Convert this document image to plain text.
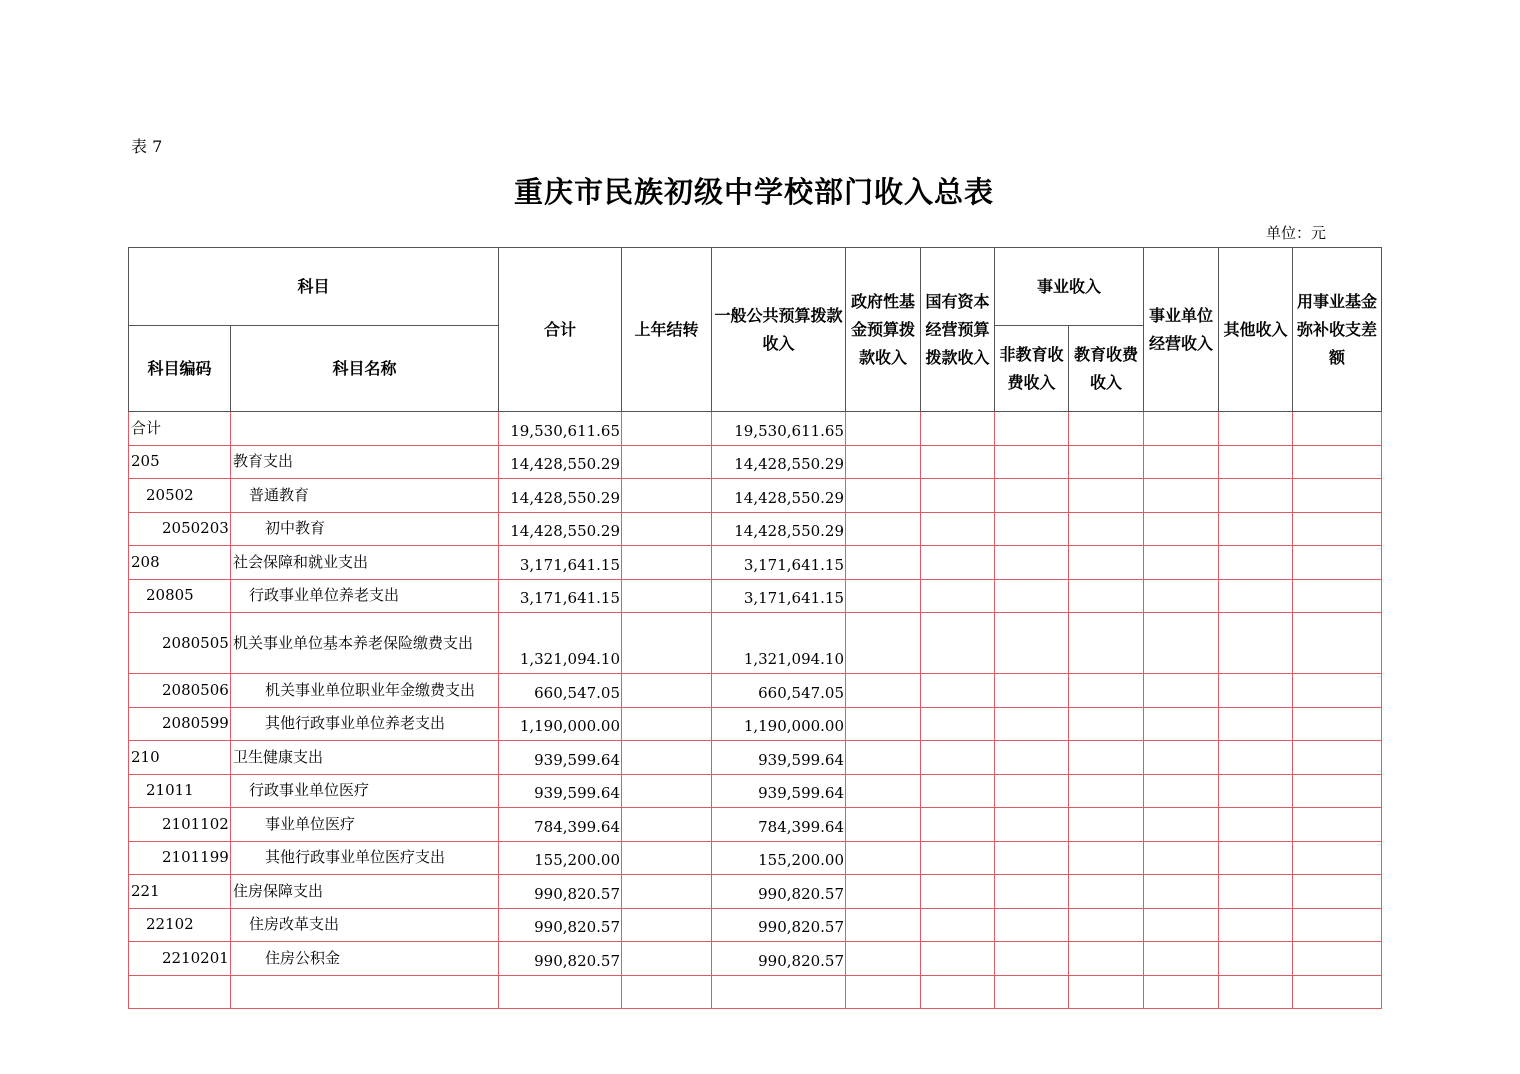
表 7
重庆市民族初级中学校部门收入总表
单位：元
科目		合计	上年结转	一般公共预算拨款收入	政府性基金预算拨款收入	国有资本经营预算拨款收入	事业收入		事业单位经营收入	其他收入	用事业基金弥补收支差额
科目编码	科目名称						非教育收费收入	教育收费收入			
合计		19,530,611.65		19,530,611.65							
205	教育支出	14,428,550.29		14,428,550.29							
20502	普通教育	14,428,550.29		14,428,550.29							
2050203	初中教育	14,428,550.29		14,428,550.29							
208	社会保障和就业支出	3,171,641.15		3,171,641.15							
20805	行政事业单位养老支出	3,171,641.15		3,171,641.15							
2080505	机关事业单位基本养老保险缴费支出	1,321,094.10		1,321,094.10							
2080506	机关事业单位职业年金缴费支出	660,547.05		660,547.05							
2080599	其他行政事业单位养老支出	1,190,000.00		1,190,000.00							
210	卫生健康支出	939,599.64		939,599.64							
21011	行政事业单位医疗	939,599.64		939,599.64							
2101102	事业单位医疗	784,399.64		784,399.64							
2101199	其他行政事业单位医疗支出	155,200.00		155,200.00							
221	住房保障支出	990,820.57		990,820.57							
22102	住房改革支出	990,820.57		990,820.57							
2210201	住房公积金	990,820.57		990,820.57							
